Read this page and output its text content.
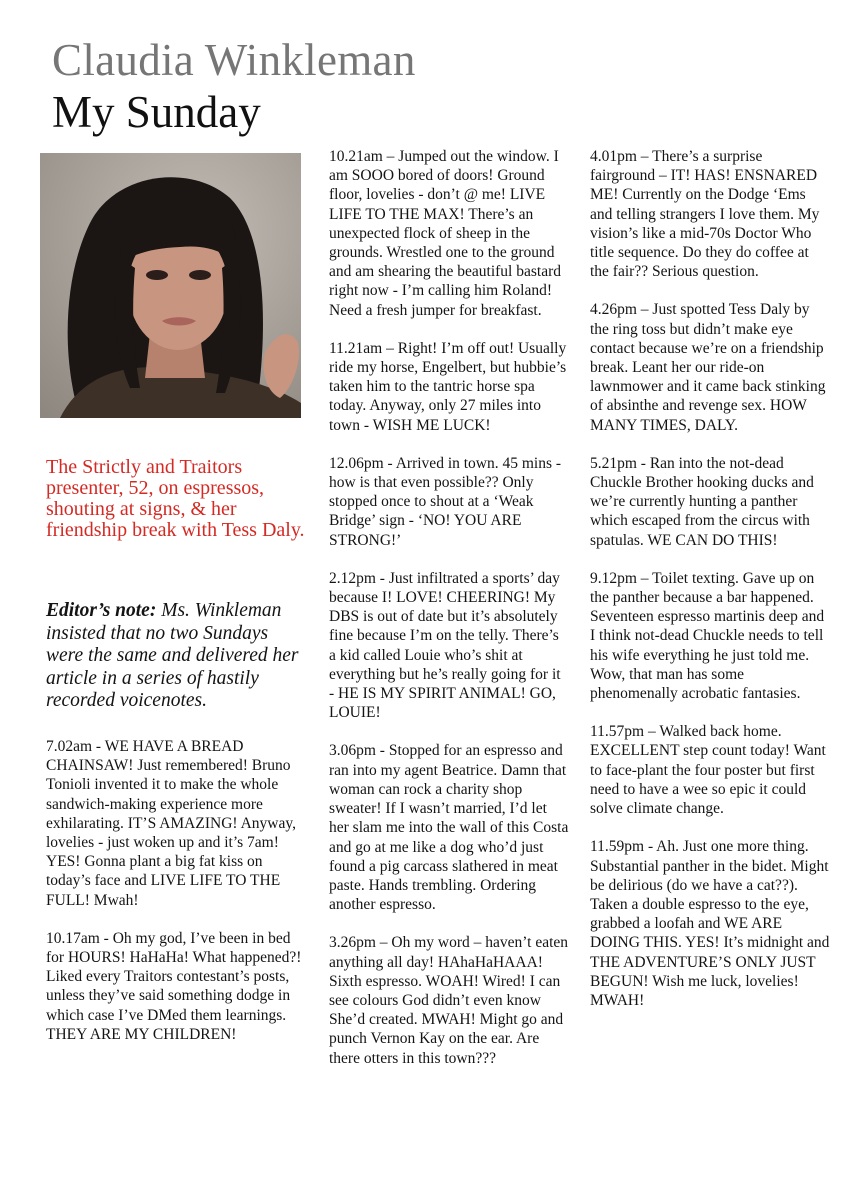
Claudia Winkleman
My Sunday
The Strictly and Traitors presenter, 52, on espressos, shouting at signs, & her friendship break with Tess Daly.
Editor’s note: Ms. Winkleman insisted that no two Sundays were the same and delivered her article in a series of hastily recorded voicenotes.

7.02am - WE HAVE A BREAD CHAINSAW! Just remembered! Bruno Tonioli invented it to make the whole sandwich-making experience more exhilarating. IT’S AMAZING! Anyway, lovelies - just woken up and it’s 7am! YES! Gonna plant a big fat kiss on today’s face and LIVE LIFE TO THE FULL! Mwah!

10.17am - Oh my god, I’ve been in bed for HOURS! HaHaHa! What happened?! Liked every Traitors contestant’s posts, unless they’ve said something dodge in which case I’ve DMed them learnings. THEY ARE MY CHILDREN!

10.21am – Jumped out the window. I am SOOO bored of doors! Ground floor, lovelies - don’t @ me! LIVE LIFE TO THE MAX! There’s an unexpected flock of sheep in the grounds. Wrestled one to the ground and am shearing the beautiful bastard right now - I’m calling him Roland! Need a fresh jumper for breakfast.

11.21am – Right! I’m off out! Usually ride my horse, Engelbert, but hubbie’s taken him to the tantric horse spa today. Anyway, only 27 miles into town - WISH ME LUCK!

12.06pm - Arrived in town. 45 mins - how is that even possible?? Only stopped once to shout at a ‘Weak Bridge’ sign - ‘NO! YOU ARE STRONG!’

2.12pm - Just infiltrated a sports’ day because I! LOVE! CHEERING! My DBS is out of date but it’s absolutely fine because I’m on the telly. There’s a kid called Louie who’s shit at everything but he’s really going for it - HE IS MY SPIRIT ANIMAL! GO, LOUIE!

3.06pm - Stopped for an espresso and ran into my agent Beatrice. Damn that woman can rock a charity shop sweater! If I wasn’t married, I’d let her slam me into the wall of this Costa and go at me like a dog who’d just found a pig carcass slathered in meat paste. Hands trembling. Ordering another espresso.

3.26pm – Oh my word – haven’t eaten anything all day! HAhaHaHAAA! Sixth espresso. WOAH! Wired! I can see colours God didn’t even know She’d created. MWAH! Might go and punch Vernon Kay on the ear. Are there otters in this town???

4.01pm – There’s a surprise fairground – IT! HAS! ENSNARED ME! Currently on the Dodge ‘Ems and telling strangers I love them. My vision’s like a mid-70s Doctor Who title sequence. Do they do coffee at the fair?? Serious question.

4.26pm – Just spotted Tess Daly by the ring toss but didn’t make eye contact because we’re on a friendship break. Leant her our ride-on lawnmower and it came back stinking of absinthe and revenge sex. HOW MANY TIMES, DALY.

5.21pm - Ran into the not-dead Chuckle Brother hooking ducks and we’re currently hunting a panther which escaped from the circus with spatulas. WE CAN DO THIS!

9.12pm – Toilet texting. Gave up on the panther because a bar happened. Seventeen espresso martinis deep and I think not-dead Chuckle needs to tell his wife everything he just told me. Wow, that man has some phenomenally acrobatic fantasies.

11.57pm – Walked back home. EXCELLENT step count today! Want to face-plant the four poster but first need to have a wee so epic it could solve climate change.

11.59pm - Ah. Just one more thing. Substantial panther in the bidet. Might be delirious (do we have a cat??). Taken a double espresso to the eye, grabbed a loofah and WE ARE DOING THIS. YES! It’s midnight and THE ADVENTURE’S ONLY JUST BEGUN! Wish me luck, lovelies! MWAH!
